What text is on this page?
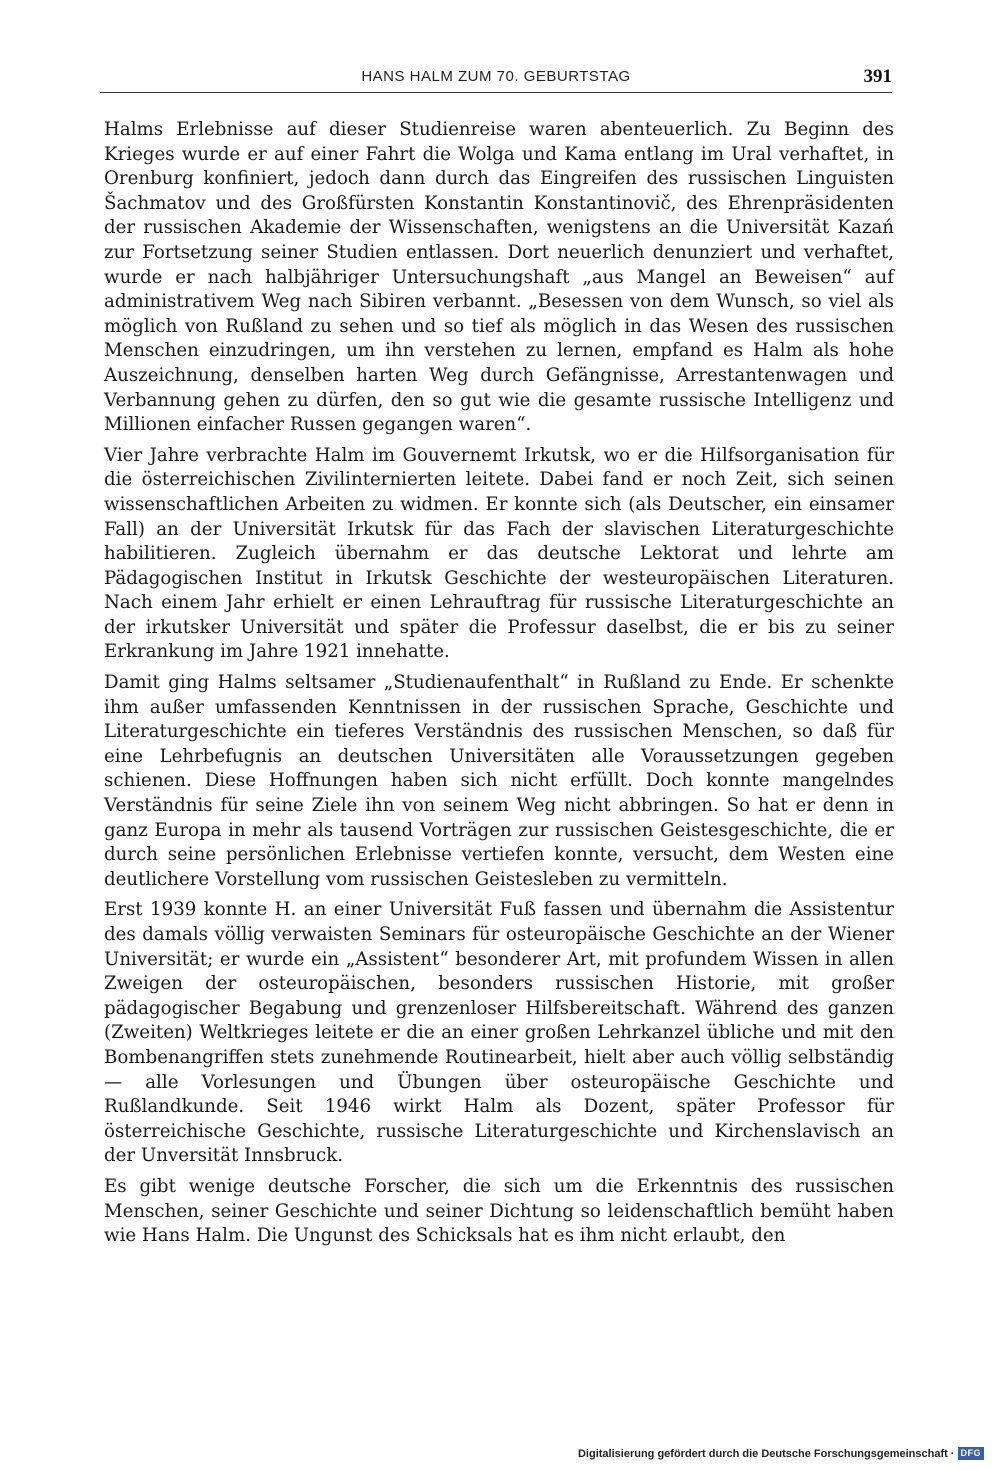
HANS HALM ZUM 70. GEBURTSTAG	391

Halms Erlebnisse auf dieser Studienreise waren abenteuerlich. Zu Beginn des Krieges wurde er auf einer Fahrt die Wolga und Kama entlang im Ural verhaftet, in Orenburg konfiniert, jedoch dann durch das Eingreifen des russischen Linguisten Šachmatov und des Großfürsten Konstantin Konstantinovič, des Ehrenpräsidenten der russischen Akademie der Wissenschaften, wenigstens an die Universität Kazań zur Fortsetzung seiner Studien entlassen. Dort neuerlich denunziert und verhaftet, wurde er nach halbjähriger Untersuchungshaft „aus Mangel an Beweisen“ auf administrativem Weg nach Sibiren verbannt. „Besessen von dem Wunsch, so viel als möglich von Rußland zu sehen und so tief als möglich in das Wesen des russischen Menschen einzudringen, um ihn verstehen zu lernen, empfand es Halm als hohe Auszeichnung, denselben harten Weg durch Gefängnisse, Arrestantenwagen und Verbannung gehen zu dürfen, den so gut wie die gesamte russische Intelligenz und Millionen einfacher Russen gegangen waren“.

Vier Jahre verbrachte Halm im Gouvernemt Irkutsk, wo er die Hilfsorganisation für die österreichischen Zivilinternierten leitete. Dabei fand er noch Zeit, sich seinen wissenschaftlichen Arbeiten zu widmen. Er konnte sich (als Deutscher, ein einsamer Fall) an der Universität Irkutsk für das Fach der slavischen Literaturgeschichte habilitieren. Zugleich übernahm er das deutsche Lektorat und lehrte am Pädagogischen Institut in Irkutsk Geschichte der westeuropäischen Literaturen. Nach einem Jahr erhielt er einen Lehrauftrag für russische Literaturgeschichte an der irkutsker Universität und später die Professur daselbst, die er bis zu seiner Erkrankung im Jahre 1921 innehatte.

Damit ging Halms seltsamer „Studienaufenthalt“ in Rußland zu Ende. Er schenkte ihm außer umfassenden Kenntnissen in der russischen Sprache, Geschichte und Literaturgeschichte ein tieferes Verständnis des russischen Menschen, so daß für eine Lehrbefugnis an deutschen Universitäten alle Voraussetzungen gegeben schienen. Diese Hoffnungen haben sich nicht erfüllt. Doch konnte mangelndes Verständnis für seine Ziele ihn von seinem Weg nicht abbringen. So hat er denn in ganz Europa in mehr als tausend Vorträgen zur russischen Geistesgeschichte, die er durch seine persönlichen Erlebnisse vertiefen konnte, versucht, dem Westen eine deutlichere Vorstellung vom russischen Geistesleben zu vermitteln.

Erst 1939 konnte H. an einer Universität Fuß fassen und übernahm die Assistentur des damals völlig verwaisten Seminars für osteuropäische Geschichte an der Wiener Universität; er wurde ein „Assistent“ besonderer Art, mit profundem Wissen in allen Zweigen der osteuropäischen, besonders russischen Historie, mit großer pädagogischer Begabung und grenzenloser Hilfsbereitschaft. Während des ganzen (Zweiten) Weltkrieges leitete er die an einer großen Lehrkanzel übliche und mit den Bombenangriffen stets zunehmende Routinearbeit, hielt aber auch völlig selbständig — alle Vorlesungen und Übungen über osteuropäische Geschichte und Rußlandkunde. Seit 1946 wirkt Halm als Dozent, später Professor für österreichische Geschichte, russische Literaturgeschichte und Kirchenslavisch an der Unversität Innsbruck.

Es gibt wenige deutsche Forscher, die sich um die Erkenntnis des russischen Menschen, seiner Geschichte und seiner Dichtung so leidenschaftlich bemüht haben wie Hans Halm. Die Ungunst des Schicksals hat es ihm nicht erlaubt, den

Digitalisierung gefördert durch die Deutsche Forschungsgemeinschaft · DFG
